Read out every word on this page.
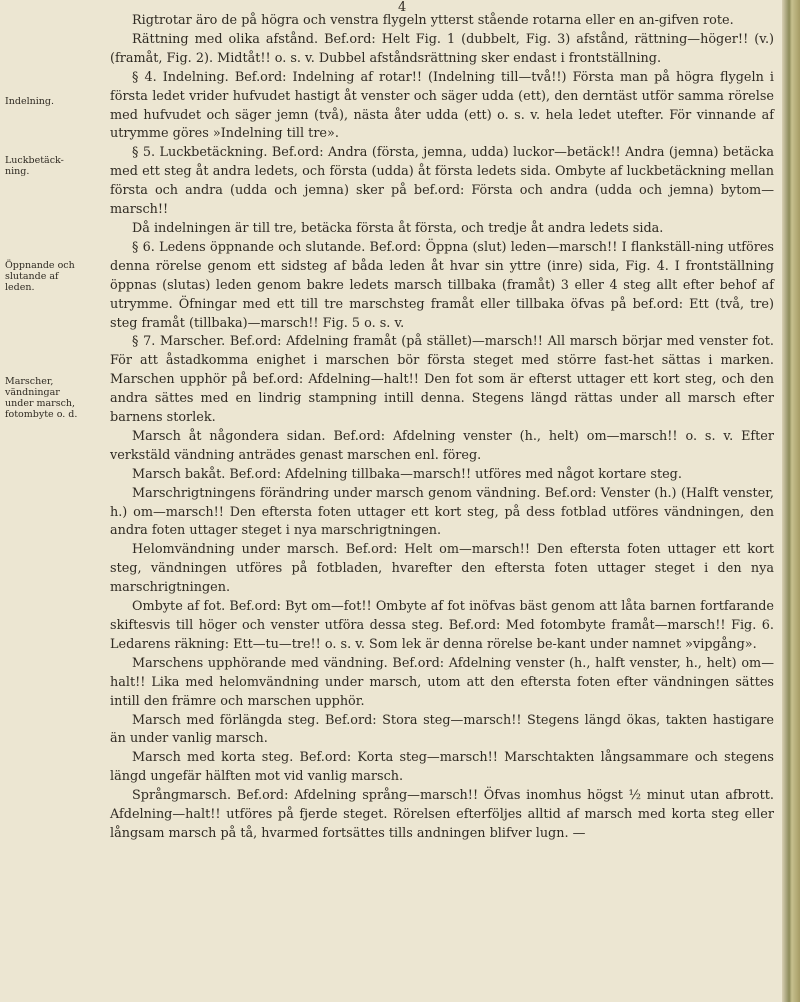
4
Indelning.
Luckbetäck-ning.
Öppnande och slutande af leden.
Marscher, vändningar under marsch, fotombyte o. d.

Rigtrotar äro de på högra och venstra flygeln ytterst stående rotarna eller en an-gifven rote.

Rättning med olika afstånd. Bef.ord: Helt Fig. 1 (dubbelt, Fig. 3) afstånd, rättning—höger!! (v.) (framåt, Fig. 2). Midtåt!! o. s. v. Dubbel afståndsrättning sker endast i frontställning.

§ 4. Indelning. Bef.ord: Indelning af rotar!! (Indelning till—två!!) Första man på högra flygeln i första ledet vrider hufvudet hastigt åt venster och säger udda (ett), den derntäst utför samma rörelse med hufvudet och säger jemn (två), nästa åter udda (ett) o. s. v. hela ledet utefter. För vinnande af utrymme göres »Indelning till tre».

§ 5. Luckbetäckning. Bef.ord: Andra (första, jemna, udda) luckor—betäck!! Andra (jemna) betäcka med ett steg åt andra ledets, och första (udda) åt första ledets sida. Ombyte af luckbetäckning mellan första och andra (udda och jemna) sker på bef.ord: Första och andra (udda och jemna) bytom—marsch!!

Då indelningen är till tre, betäcka första åt första, och tredje åt andra ledets sida.

§ 6. Ledens öppnande och slutande. Bef.ord: Öppna (slut) leden—marsch!! I flankställ-ning utföres denna rörelse genom ett sidsteg af båda leden åt hvar sin yttre (inre) sida, Fig. 4. I frontställning öppnas (slutas) leden genom bakre ledets marsch tillbaka (framåt) 3 eller 4 steg allt efter behof af utrymme. Öfningar med ett till tre marschsteg framåt eller tillbaka öfvas på bef.ord: Ett (två, tre) steg framåt (tillbaka)—marsch!! Fig. 5 o. s. v.

§ 7. Marscher. Bef.ord: Afdelning framåt (på stället)—marsch!! All marsch börjar med venster fot. För att åstadkomma enighet i marschen bör första steget med större fast-het sättas i marken. Marschen upphör på bef.ord: Afdelning—halt!! Den fot som är efterst uttager ett kort steg, och den andra sättes med en lindrig stampning intill denna. Stegens längd rättas under all marsch efter barnens storlek.

Marsch åt någondera sidan. Bef.ord: Afdelning venster (h., helt) om—marsch!! o. s. v. Efter verkstäld vändning anträdes genast marschen enl. föreg.

Marsch bakåt. Bef.ord: Afdelning tillbaka—marsch!! utföres med något kortare steg.

Marschrigtningens förändring under marsch genom vändning. Bef.ord: Venster (h.) (Halft venster, h.) om—marsch!! Den eftersta foten uttager ett kort steg, på dess fotblad utföres vändningen, den andra foten uttager steget i nya marschrigtningen.

Helomvändning under marsch. Bef.ord: Helt om—marsch!! Den eftersta foten uttager ett kort steg, vändningen utföres på fotbladen, hvarefter den eftersta foten uttager steget i den nya marschrigtningen.

Ombyte af fot. Bef.ord: Byt om—fot!! Ombyte af fot inöfvas bäst genom att låta barnen fortfarande skiftesvis till höger och venster utföra dessa steg. Bef.ord: Med fotombyte framåt—marsch!! Fig. 6. Ledarens räkning: Ett—tu—tre!! o. s. v. Som lek är denna rörelse be-kant under namnet »vipgång».

Marschens upphörande med vändning. Bef.ord: Afdelning venster (h., halft venster, h., helt) om—halt!! Lika med helomvändning under marsch, utom att den eftersta foten efter vändningen sättes intill den främre och marschen upphör.

Marsch med förlängda steg. Bef.ord: Stora steg—marsch!! Stegens längd ökas, takten hastigare än under vanlig marsch.

Marsch med korta steg. Bef.ord: Korta steg—marsch!! Marschtakten långsammare och stegens längd ungefär hälften mot vid vanlig marsch.

Språngmarsch. Bef.ord: Afdelning språng—marsch!! Öfvas inomhus högst ½ minut utan afbrott. Afdelning—halt!! utföres på fjerde steget. Rörelsen efterföljes alltid af marsch med korta steg eller långsam marsch på tå, hvarmed fortsättes tills andningen blifver lugn. —
